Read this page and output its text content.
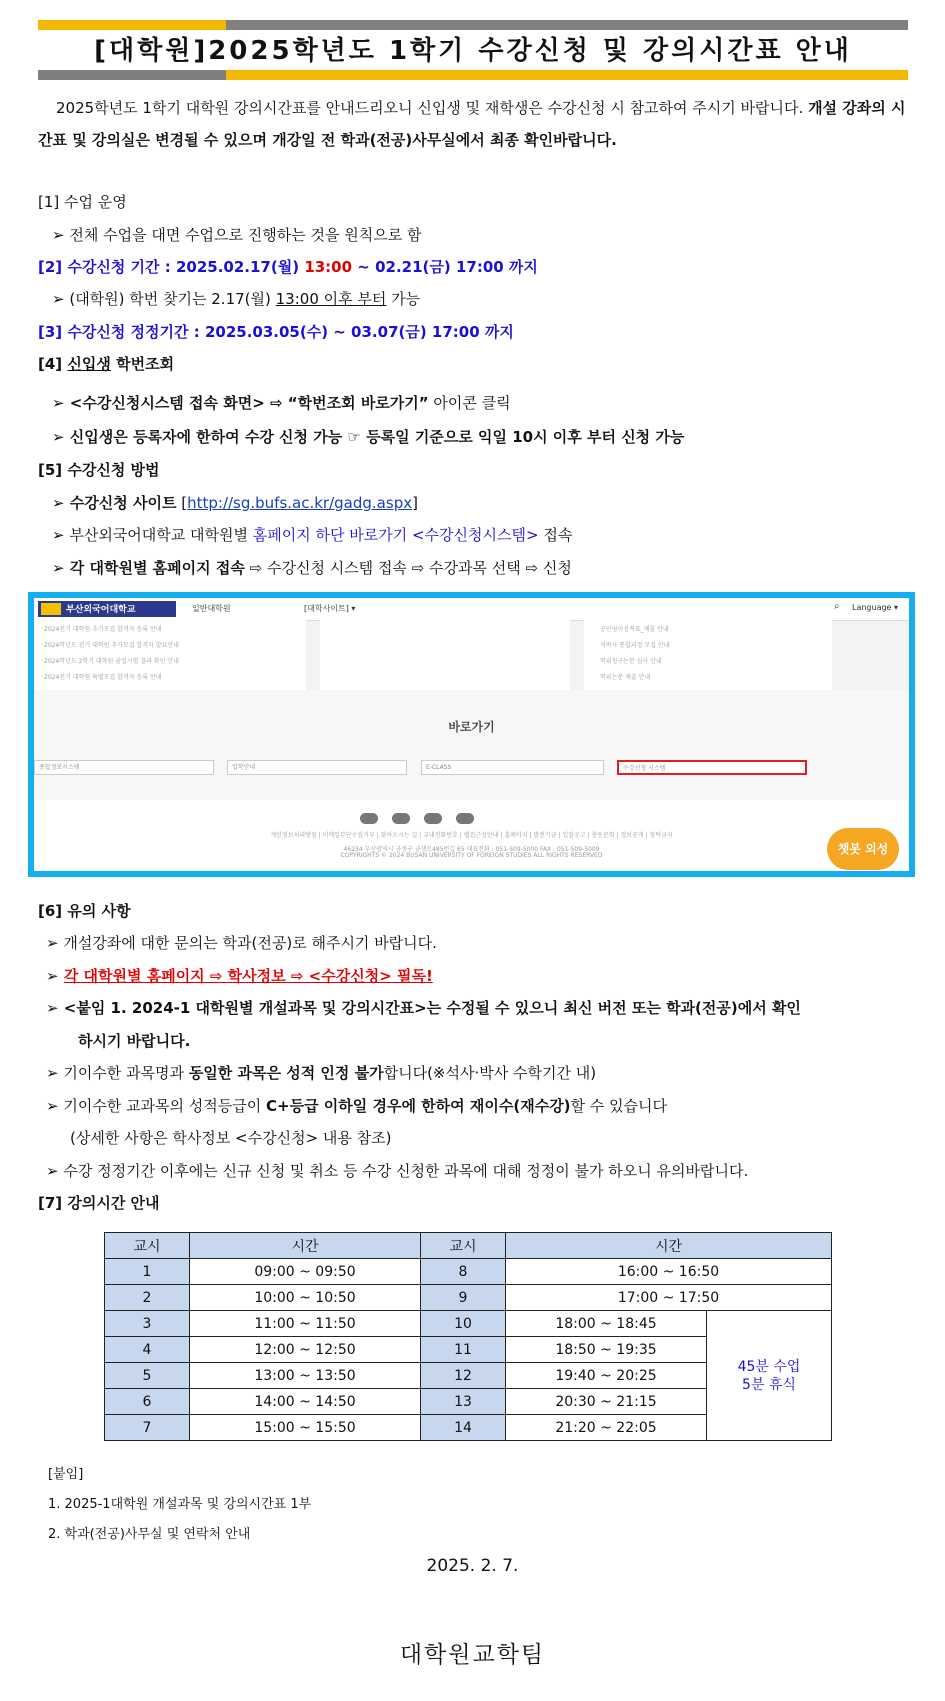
[대학원]2025학년도 1학기 수강신청 및 강의시간표 안내
2025학년도 1학기 대학원 강의시간표를 안내드리오니 신입생 및 재학생은 수강신청 시 참고하여 주시기 바랍니다. 개설 강좌의 시간표 및 강의실은 변경될 수 있으며 개강일 전 학과(전공)사무실에서 최종 확인바랍니다.
[1] 수업 운영
➢ 전체 수업을 대면 수업으로 진행하는 것을 원칙으로 함
[2] 수강신청 기간 : 2025.02.17(월) 13:00 ~ 02.21(금) 17:00 까지
➢ (대학원) 학번 찾기는 2.17(월) 13:00 이후 부터 가능
[3] 수강신청 정정기간 : 2025.03.05(수) ~ 03.07(금) 17:00 까지
[4] 신입생 학번조회
➢ <수강신청시스템 접속 화면> ⇨ “학번조회 바로가기” 아이콘 클릭
➢ 신입생은 등록자에 한하여 수강 신청 가능 ☞ 등록일 기준으로 익일 10시 이후 부터 신청 가능
[5] 수강신청 방법
➢ 수강신청 사이트 [http://sg.bufs.ac.kr/gadg.aspx]
➢ 부산외국어대학교 대학원별 홈페이지 하단 바로가기 <수강신청시스템> 접속
➢ 각 대학원별 홈페이지 접속 ⇨ 수강신청 시스템 접속 ⇨ 수강과목 선택 ⇨ 신청
부산외국어대학교	일반대학원	[대학사이트] ▾	⌕ Language ▾
2024전기 대학원 추가모집 합격자 등록 안내
2024학년도 전기 대학원 추가모집 합격자 발표안내
2024학년도 2학기 대학원 졸업시험 결과 확인 안내
2024전기 대학원 특별모집 합격자 등록 안내
공인영어성적표_제출 안내
석박사 통합과정 모집 안내
학위청구논문 심사 안내
학위논문 제출 안내
바로가기
종합정보시스템	입학안내	E-CLASS	수강신청 시스템
개인정보처리방침 | 이메일무단수집거부 | 찾아오시는 길 | 교내전화번호 | 웹접근성안내 | 홈페이지 | 발전기금 | 입찰공고 | 총동문회 | 정보공개 | 청탁금지
46234 부산광역시 금정구 금샘로485번길 65 대표전화 : 051-509-5000 FAX : 051-509-5009
COPYRIGHTS © 2024 BUSAN UNIVERSITY OF FOREIGN STUDIES ALL RIGHTS RESERVED	챗봇 외성
[6] 유의 사항
➢ 개설강좌에 대한 문의는 학과(전공)로 해주시기 바랍니다.
➢ 각 대학원별 홈페이지 ⇨ 학사정보 ⇨ <수강신청> 필독!
➢ <붙임 1. 2024-1 대학원별 개설과목 및 강의시간표>는 수정될 수 있으니 최신 버전 또는 학과(전공)에서 확인
하시기 바랍니다.
➢ 기이수한 과목명과 동일한 과목은 성적 인정 불가합니다(※석사·박사 수학기간 내)
➢ 기이수한 교과목의 성적등급이 C+등급 이하일 경우에 한하여 재이수(재수강)할 수 있습니다
(상세한 사항은 학사정보 <수강신청> 내용 참조)
➢ 수강 정정기간 이후에는 신규 신청 및 취소 등 수강 신청한 과목에 대해 정정이 불가 하오니 유의바랍니다.
[7] 강의시간 안내
교시	시간	교시	시간	
1	09:00 ~ 09:50	8	16:00 ~ 16:50	
2	10:00 ~ 10:50	9	17:00 ~ 17:50	
3	11:00 ~ 11:50	10	18:00 ~ 18:45	45분 수업
5분 휴식

4	12:00 ~ 12:50	11	18:50 ~ 19:35	
5	13:00 ~ 13:50	12	19:40 ~ 20:25	
6	14:00 ~ 14:50	13	20:30 ~ 21:15	
7	15:00 ~ 15:50	14	21:20 ~ 22:05	
[붙임]
1. 2025-1대학원 개설과목 및 강의시간표 1부
2. 학과(전공)사무실 및 연락처 안내
2025. 2. 7.
대학원교학팀
